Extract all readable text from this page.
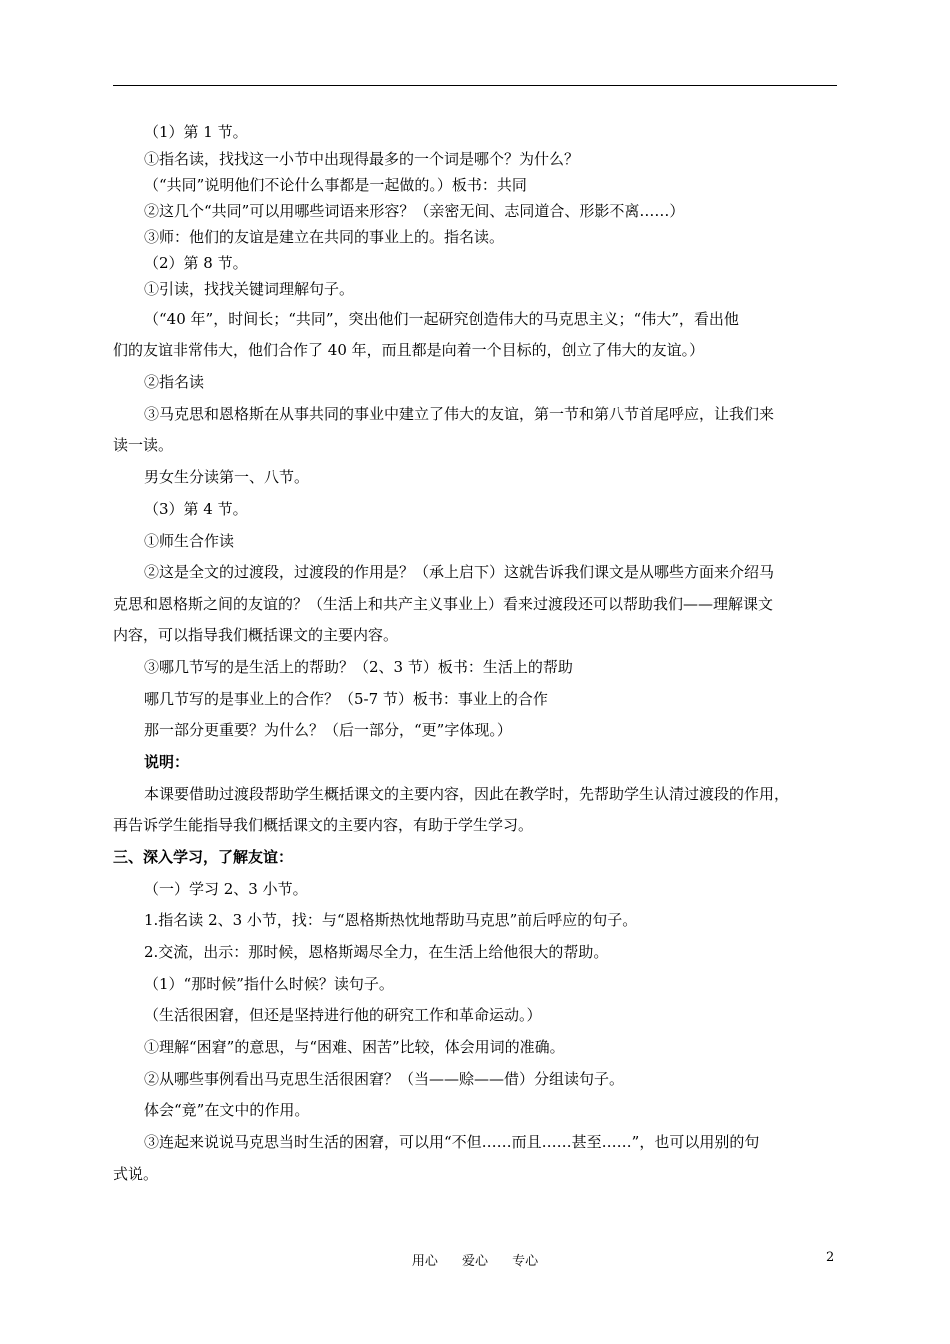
（1）第 1 节。
①指名读，找找这一小节中出现得最多的一个词是哪个？为什么？
（“共同”说明他们不论什么事都是一起做的。）板书：共同
②这几个“共同”可以用哪些词语来形容？（亲密无间、志同道合、形影不离……）
③师：他们的友谊是建立在共同的事业上的。指名读。
（2）第 8 节。
①引读，找找关键词理解句子。
（“40 年”，时间长；“共同”，突出他们一起研究创造伟大的马克思主义；“伟大”，看出他
们的友谊非常伟大，他们合作了 40 年，而且都是向着一个目标的，创立了伟大的友谊。）
②指名读
③马克思和恩格斯在从事共同的事业中建立了伟大的友谊，第一节和第八节首尾呼应，让我们来
读一读。
男女生分读第一、八节。
（3）第 4 节。
①师生合作读
②这是全文的过渡段，过渡段的作用是？（承上启下）这就告诉我们课文是从哪些方面来介绍马
克思和恩格斯之间的友谊的？（生活上和共产主义事业上）看来过渡段还可以帮助我们——理解课文
内容，可以指导我们概括课文的主要内容。
③哪几节写的是生活上的帮助？（2、3 节）板书：生活上的帮助
哪几节写的是事业上的合作？（5-7 节）板书：事业上的合作
那一部分更重要？为什么？（后一部分，“更”字体现。）
说明：
本课要借助过渡段帮助学生概括课文的主要内容，因此在教学时，先帮助学生认清过渡段的作用，
再告诉学生能指导我们概括课文的主要内容，有助于学生学习。
三、深入学习，了解友谊：
（一）学习 2、3 小节。
1.指名读 2、3 小节，找：与“恩格斯热忱地帮助马克思”前后呼应的句子。
2.交流，出示：那时候，恩格斯竭尽全力，在生活上给他很大的帮助。
（1）“那时候”指什么时候？读句子。
（生活很困窘，但还是坚持进行他的研究工作和革命运动。）
①理解“困窘”的意思，与“困难、困苦”比较，体会用词的准确。
②从哪些事例看出马克思生活很困窘？（当——赊——借）分组读句子。
体会“竟”在文中的作用。
③连起来说说马克思当时生活的困窘，可以用“不但……而且……甚至……”，也可以用别的句
式说。
用心 爱心 专心	2
